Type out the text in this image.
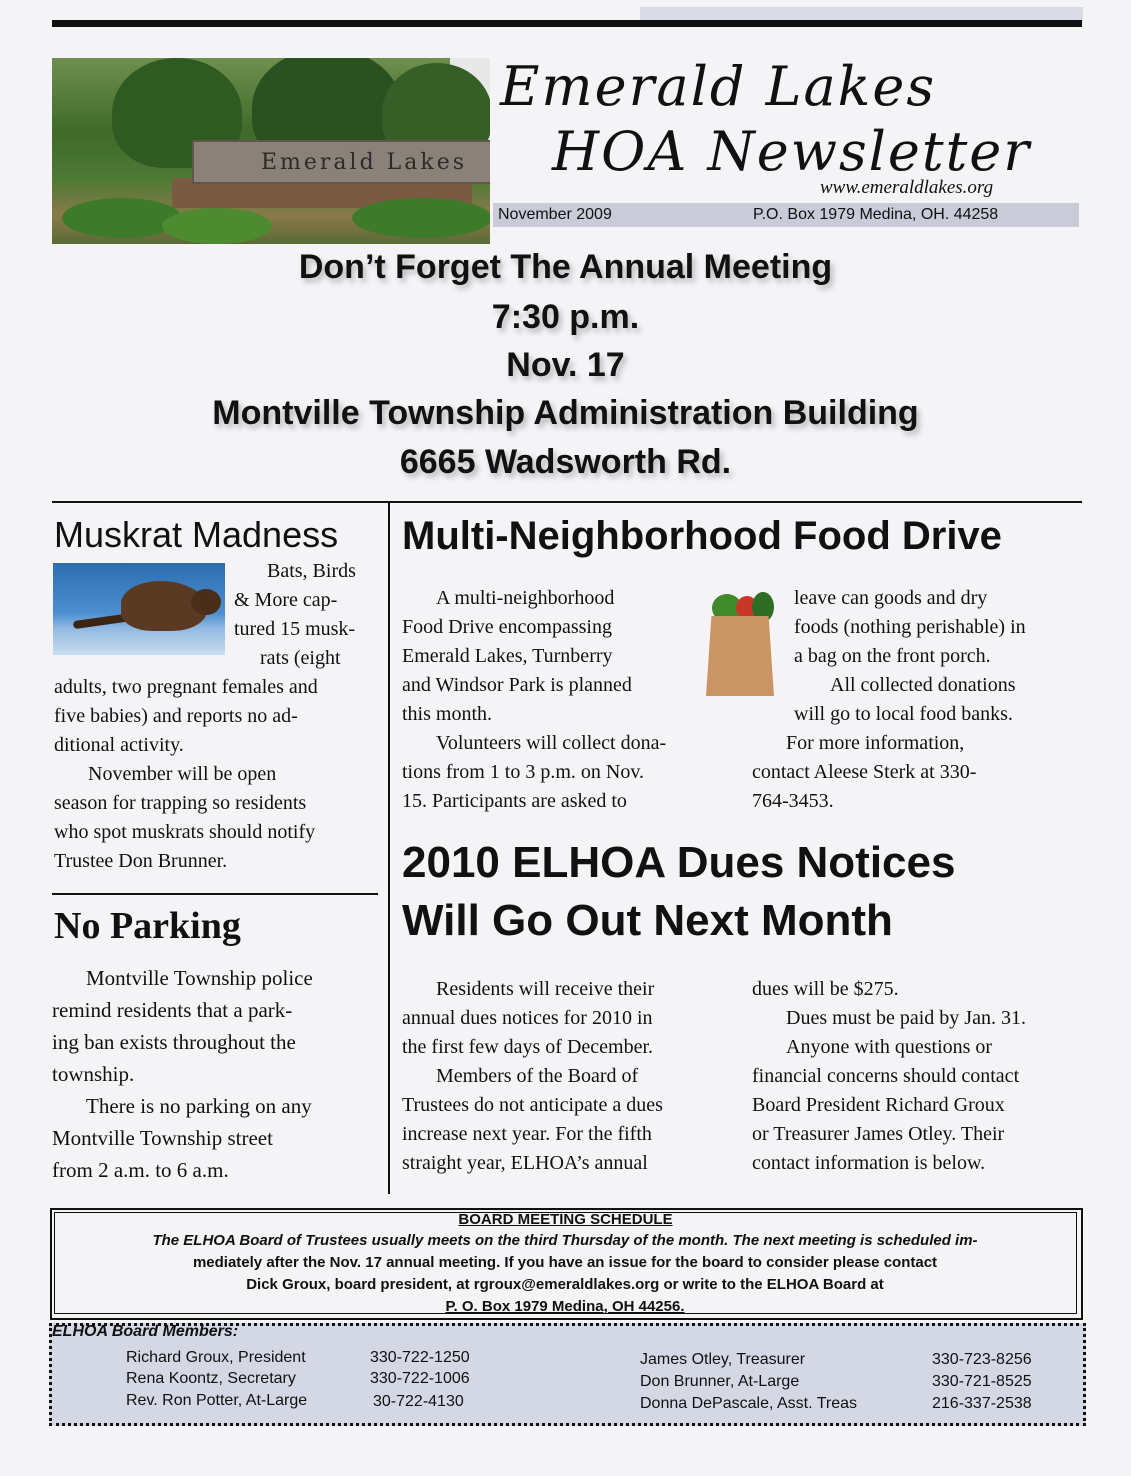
Emerald Lakes
Emerald Lakes
HOA Newsletter
www.emeraldlakes.org
November 2009	P.O. Box 1979 Medina, OH. 44258
Don’t Forget The Annual Meeting
7:30 p.m.
Nov. 17
Montville Township Administration Building
6665 Wadsworth Rd.
Muskrat Madness

Bats, Birds

& More cap-

tured 15 musk-

rats (eight

adults, two pregnant females and

five babies) and reports no ad-

ditional activity.

November will be open

season for trapping so residents

who spot muskrats should notify

Trustee Don Brunner.

No Parking

Montville Township police

remind residents that a park-

ing ban exists throughout the

township.

There is no parking on any

Montville Township street

from 2 a.m. to 6 a.m.

Multi-Neighborhood Food Drive

A multi-neighborhood

Food Drive encompassing

Emerald Lakes, Turnberry

and Windsor Park is planned

this month.

Volunteers will collect dona-

tions from 1 to 3 p.m. on Nov.

15. Participants are asked to

leave can goods and dry

foods (nothing perishable) in

a bag on the front porch.

All collected donations

will go to local food banks.

For more information,

contact Aleese Sterk at 330-

764-3453.

2010 ELHOA Dues Notices
Will Go Out Next Month

Residents will receive their

annual dues notices for 2010 in

the first few days of December.

Members of the Board of

Trustees do not anticipate a dues

increase next year. For the fifth

straight year, ELHOA’s annual

dues will be $275.

Dues must be paid by Jan. 31.

Anyone with questions or

financial concerns should contact

Board President Richard Groux

or Treasurer James Otley. Their

contact information is below.

BOARD MEETING SCHEDULE
The ELHOA Board of Trustees usually meets on the third Thursday of the month. The next meeting is scheduled im-
mediately after the Nov. 17 annual meeting. If you have an issue for the board to consider please contact
Dick Groux, board president, at rgroux@emeraldlakes.org or write to the ELHOA Board at
P. O. Box 1979 Medina, OH 44256.
ELHOA Board Members:
Richard Groux, President	330-722-1250
Rena Koontz, Secretary	330-722-1006
Rev. Ron Potter, At-Large	30-722-4130
James Otley, Treasurer	330-723-8256
Don Brunner, At-Large	330-721-8525
Donna DePascale, Asst. Treas	216-337-2538
